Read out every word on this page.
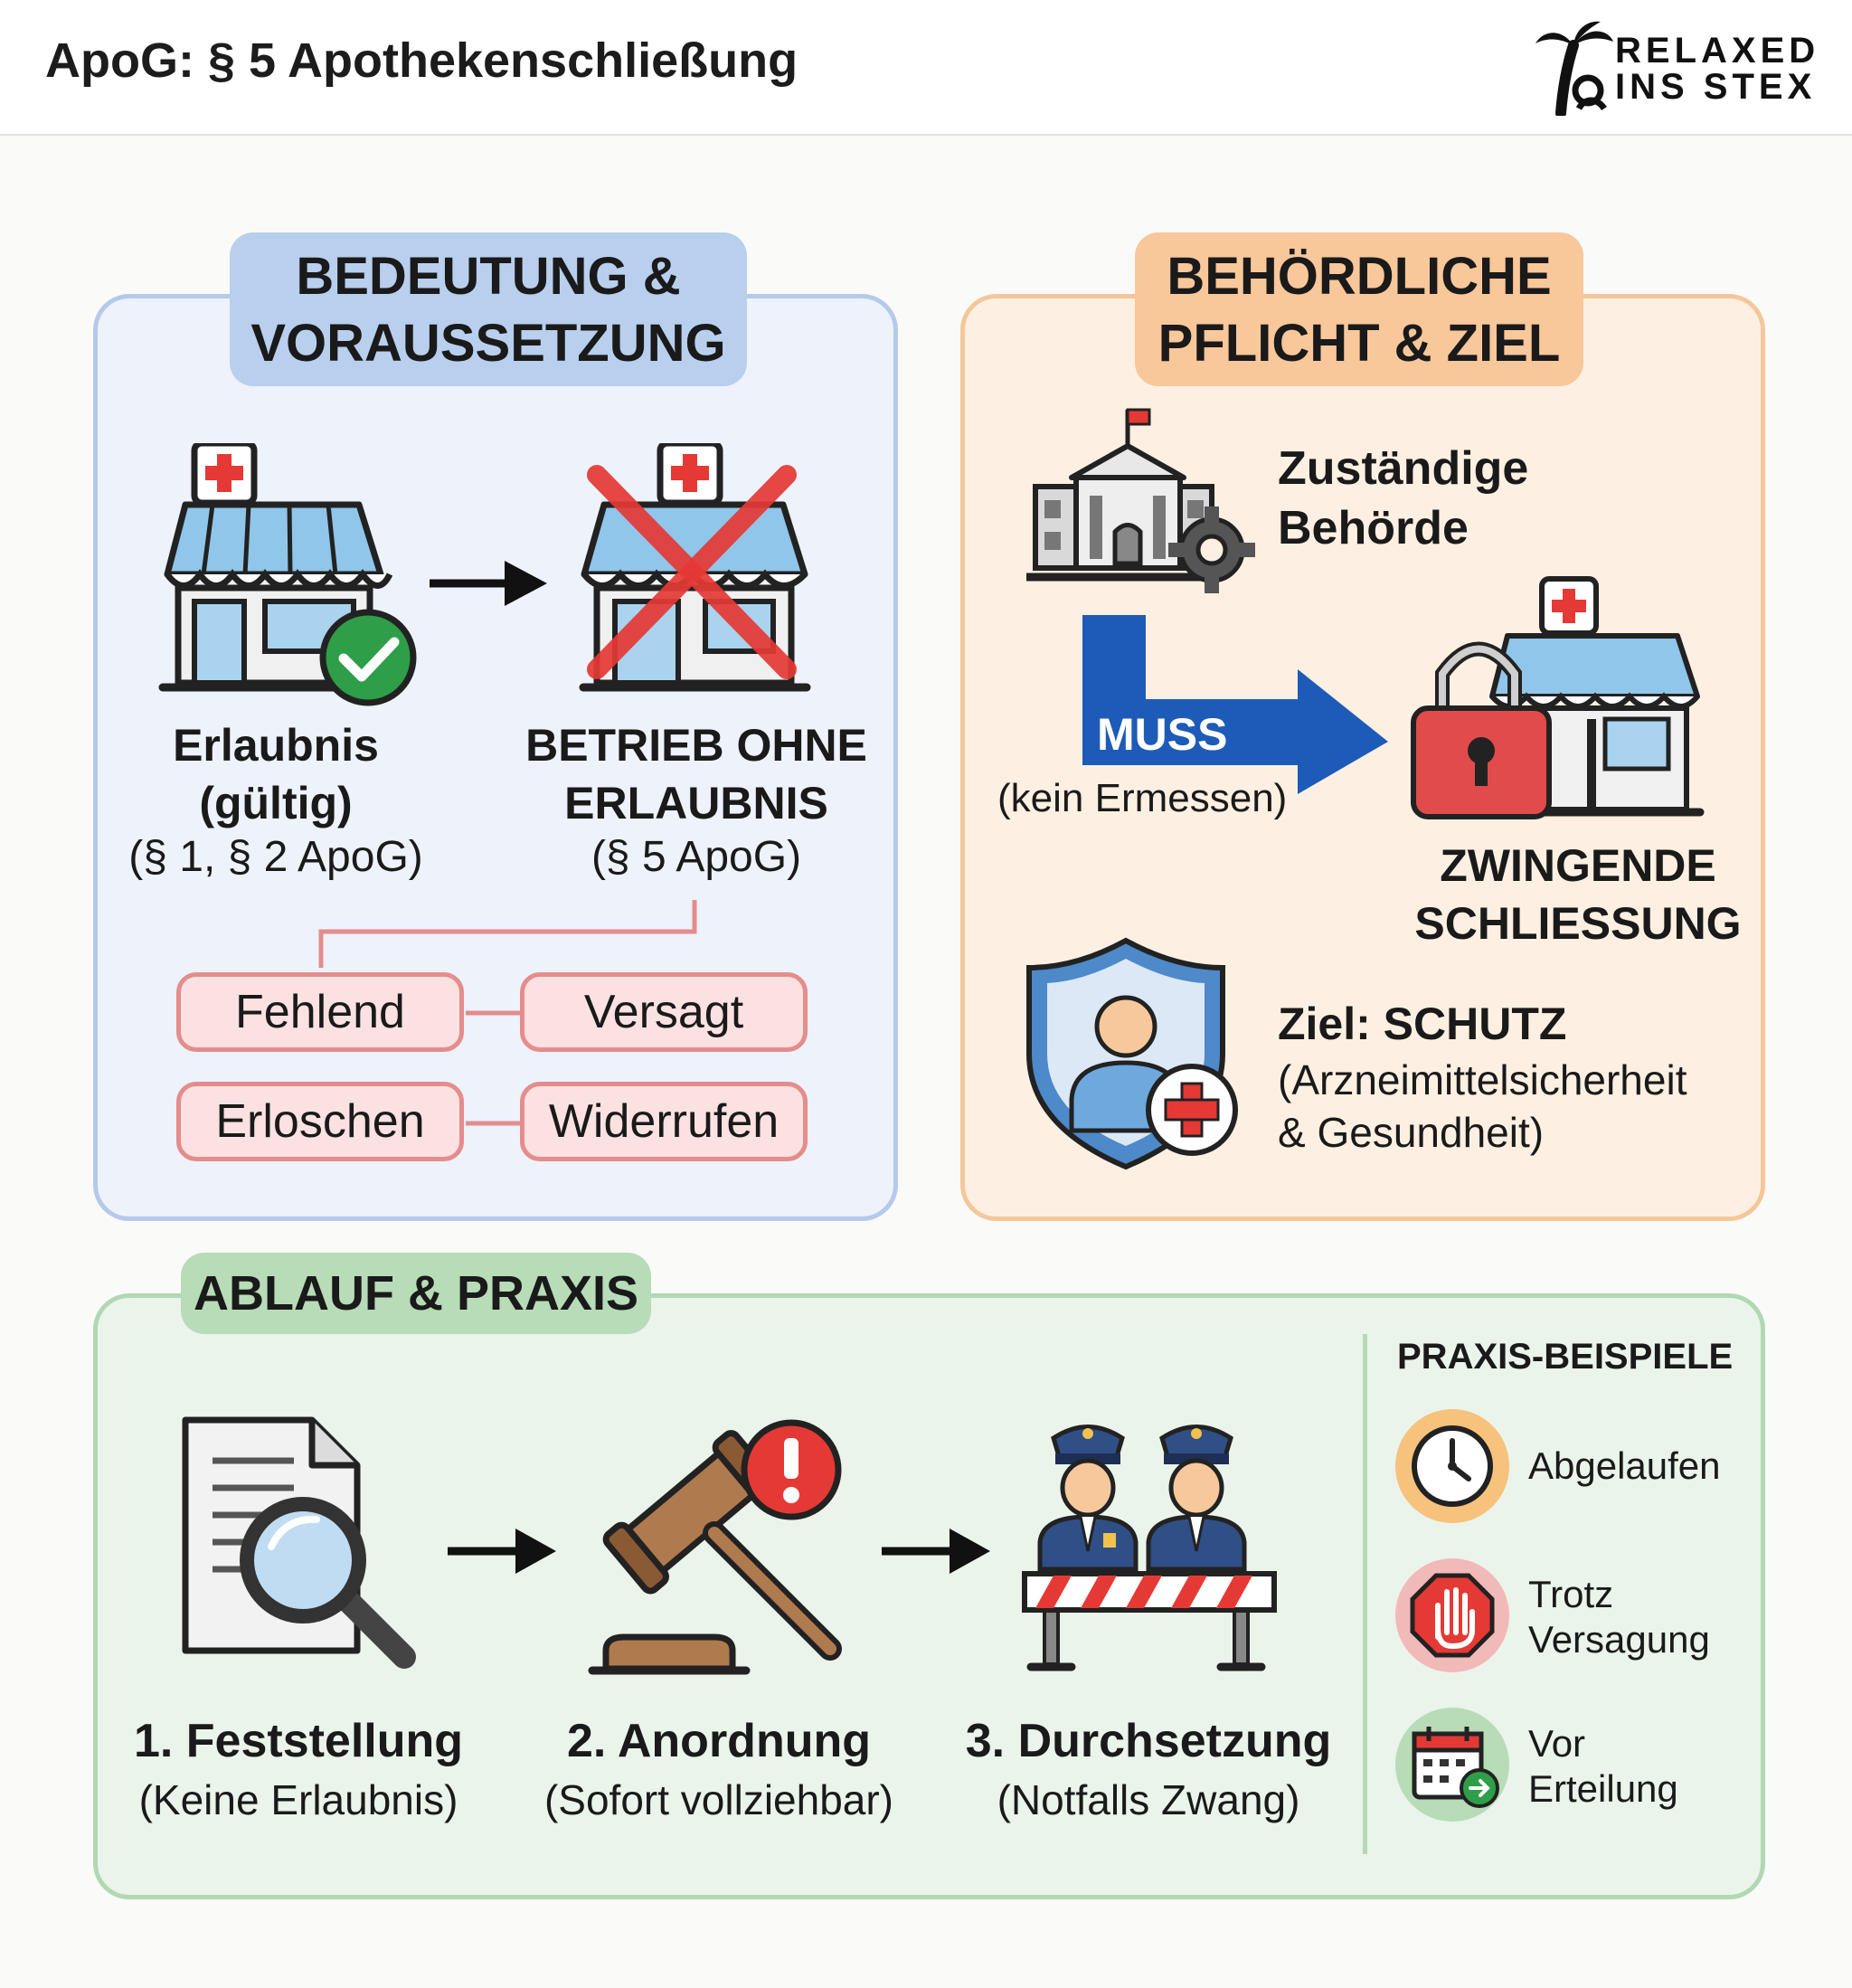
ApoG: § 5 Apothekenschließung	RELAXED
INS STEX
BEDEUTUNG &
VORAUSSETZUNG
Erlaubnis
(gültig)
(§ 1, § 2 ApoG)
BETRIEB OHNE
ERLAUBNIS
(§ 5 ApoG)
Fehlend	Versagt
Erloschen	Widerrufen
BEHÖRDLICHE
PFLICHT & ZIEL
Zuständige
Behörde
MUSS
(kein Ermessen)
ZWINGENDE
SCHLIESSUNG
Ziel: SCHUTZ
(Arzneimittelsicherheit
& Gesundheit)
ABLAUF & PRAXIS
1. Feststellung
(Keine Erlaubnis)
2. Anordnung
(Sofort vollziehbar)
3. Durchsetzung
(Notfalls Zwang)
PRAXIS-BEISPIELE
Abgelaufen
Trotz
Versagung
Vor
Erteilung
